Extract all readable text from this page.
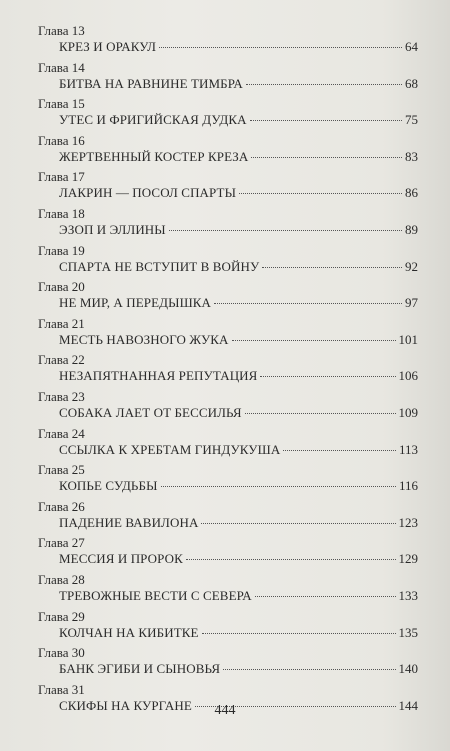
Глава 13
КРЕЗ И ОРАКУЛ	64
Глава 14
БИТВА НА РАВНИНЕ ТИМБРА	68
Глава 15
УТЕС И ФРИГИЙСКАЯ ДУДКА	75
Глава 16
ЖЕРТВЕННЫЙ КОСТЕР КРЕЗА	83
Глава 17
ЛАКРИН — ПОСОЛ СПАРТЫ	86
Глава 18
ЭЗОП И ЭЛЛИНЫ	89
Глава 19
СПАРТА НЕ ВСТУПИТ В ВОЙНУ	92
Глава 20
НЕ МИР, А ПЕРЕДЫШКА	97
Глава 21
МЕСТЬ НАВОЗНОГО ЖУКА	101
Глава 22
НЕЗАПЯТНАННАЯ РЕПУТАЦИЯ	106
Глава 23
СОБАКА ЛАЕТ ОТ БЕССИЛЬЯ	109
Глава 24
ССЫЛКА К ХРЕБТАМ ГИНДУКУША	113
Глава 25
КОПЬЕ СУДЬБЫ	116
Глава 26
ПАДЕНИЕ ВАВИЛОНА	123
Глава 27
МЕССИЯ И ПРОРОК	129
Глава 28
ТРЕВОЖНЫЕ ВЕСТИ С СЕВЕРА	133
Глава 29
КОЛЧАН НА КИБИТКЕ	135
Глава 30
БАНК ЭГИБИ И СЫНОВЬЯ	140
Глава 31
СКИФЫ НА КУРГАНЕ	144
444
